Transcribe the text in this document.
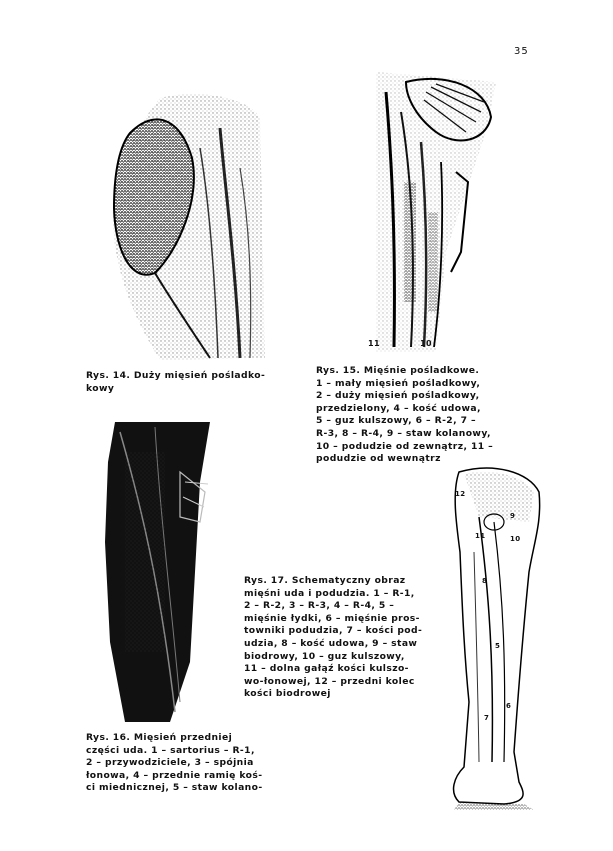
35
Rys. 14. Duży mięsień pośladko-
kowy
11	10
Rys. 15. Mięśnie pośladkowe.
1 – mały mięsień pośladkowy,
2 – duży mięsień pośladkowy,
przedzielony, 4 – kość udowa,
5 – guz kulszowy, 6 – R-2, 7 –
R-3, 8 – R-4, 9 – staw kolanowy,
10 – podudzie od zewnątrz, 11 –
podudzie od wewnątrz
Rys. 16. Mięsień przedniej
części uda. 1 – sartorius – R-1,
2 – przywodziciele, 3 – spójnia
łonowa, 4 – przednie ramię koś-
ci miednicznej, 5 – staw kolano-
12
11	10
9
8
5
7
6
Rys. 17. Schematyczny obraz
mięśni uda i podudzia. 1 – R-1,
2 – R-2, 3 – R-3, 4 – R-4, 5 –
mięśnie łydki, 6 – mięśnie pros-
towniki podudzia, 7 – kości pod-
udzia, 8 – kość udowa, 9 – staw
biodrowy, 10 – guz kulszowy,
11 – dolna gałąź kości kulszo-
wo-łonowej, 12 – przedni kolec
kości biodrowej
